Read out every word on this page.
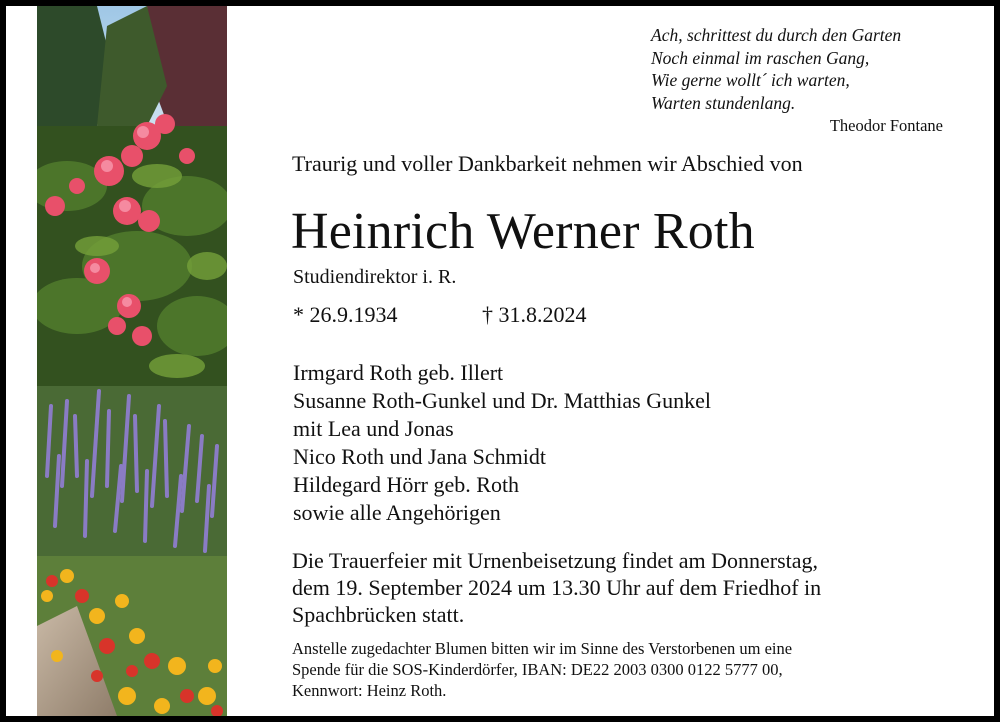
Ach, schrittest du durch den Garten
Noch einmal im raschen Gang,
Wie gerne wollt´ ich warten,
Warten stundenlang.
Theodor Fontane
Traurig und voller Dankbarkeit nehmen wir Abschied von
Heinrich Werner Roth
Studiendirektor i. R.
* 26.9.1934	† 31.8.2024
Irmgard Roth geb. Illert
Susanne Roth-Gunkel und Dr. Matthias Gunkel
mit Lea und Jonas
Nico Roth und Jana Schmidt
Hildegard Hörr geb. Roth
sowie alle Angehörigen
Die Trauerfeier mit Urnenbeisetzung findet am Donnerstag,
dem 19. September 2024 um 13.30 Uhr auf dem Friedhof in
Spachbrücken statt.
Anstelle zugedachter Blumen bitten wir im Sinne des Verstorbenen um eine
Spende für die SOS-Kinderdörfer, IBAN: DE22 2003 0300 0122 5777 00,
Kennwort: Heinz Roth.
